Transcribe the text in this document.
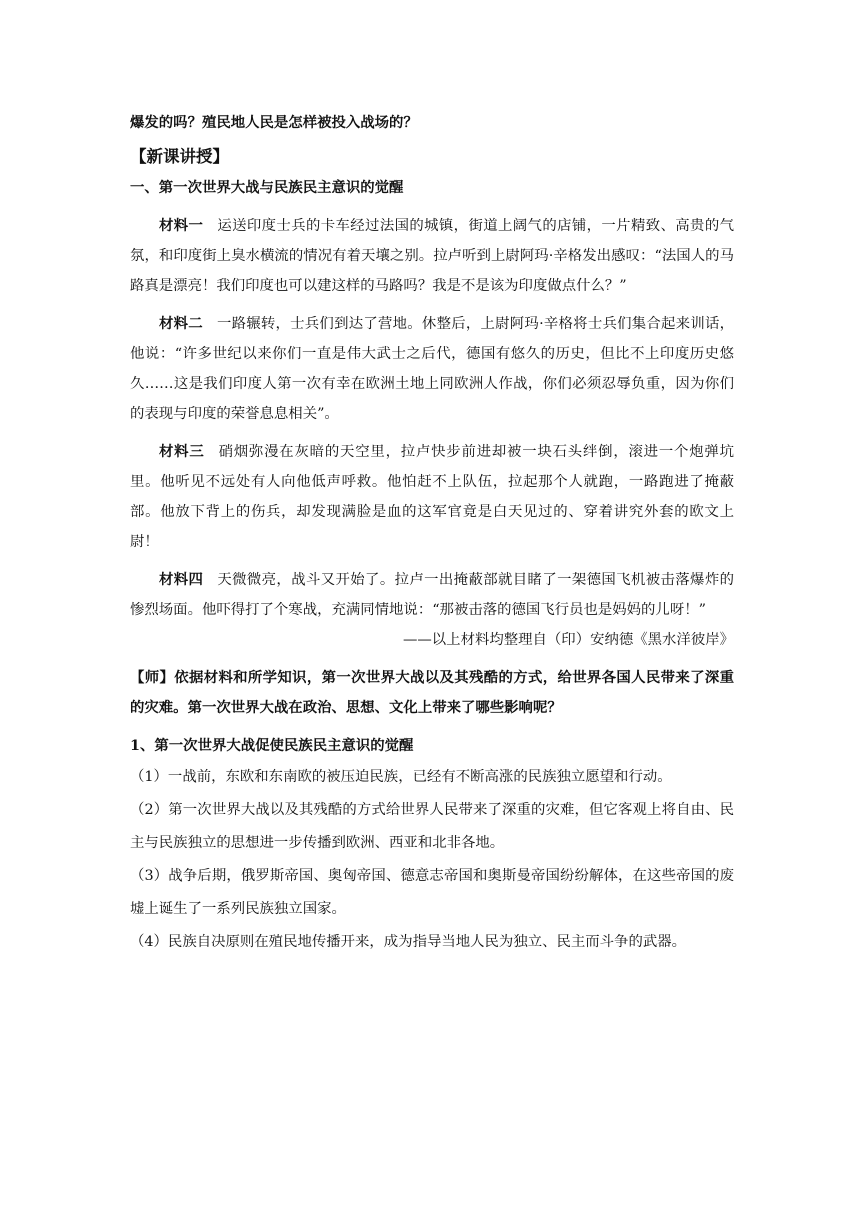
爆发的吗？殖民地人民是怎样被投入战场的？

【新课讲授】

一、第一次世界大战与民族民主意识的觉醒

材料一 运送印度士兵的卡车经过法国的城镇，街道上阔气的店铺，一片精致、高贵的气氛，和印度街上臭水横流的情况有着天壤之别。拉卢听到上尉阿玛·辛格发出感叹：“法国人的马路真是漂亮！我们印度也可以建这样的马路吗？我是不是该为印度做点什么？”

材料二 一路辗转，士兵们到达了营地。休整后，上尉阿玛·辛格将士兵们集合起来训话，他说：“许多世纪以来你们一直是伟大武士之后代，德国有悠久的历史，但比不上印度历史悠久……这是我们印度人第一次有幸在欧洲土地上同欧洲人作战，你们必须忍辱负重，因为你们的表现与印度的荣誉息息相关”。

材料三 硝烟弥漫在灰暗的天空里，拉卢快步前进却被一块石头绊倒，滚进一个炮弹坑里。他听见不远处有人向他低声呼救。他怕赶不上队伍，拉起那个人就跑，一路跑进了掩蔽部。他放下背上的伤兵，却发现满脸是血的这军官竟是白天见过的、穿着讲究外套的欧文上尉！

材料四 天微微亮，战斗又开始了。拉卢一出掩蔽部就目睹了一架德国飞机被击落爆炸的惨烈场面。他吓得打了个寒战，充满同情地说：“那被击落的德国飞行员也是妈妈的儿呀！”

——以上材料均整理自（印）安纳德《黑水洋彼岸》

【师】依据材料和所学知识，第一次世界大战以及其残酷的方式，给世界各国人民带来了深重的灾难。第一次世界大战在政治、思想、文化上带来了哪些影响呢？

1、第一次世界大战促使民族民主意识的觉醒

（1）一战前，东欧和东南欧的被压迫民族，已经有不断高涨的民族独立愿望和行动。

（2）第一次世界大战以及其残酷的方式给世界人民带来了深重的灾难，但它客观上将自由、民主与民族独立的思想进一步传播到欧洲、西亚和北非各地。

（3）战争后期，俄罗斯帝国、奥匈帝国、德意志帝国和奥斯曼帝国纷纷解体，在这些帝国的废墟上诞生了一系列民族独立国家。

（4）民族自决原则在殖民地传播开来，成为指导当地人民为独立、民主而斗争的武器。
